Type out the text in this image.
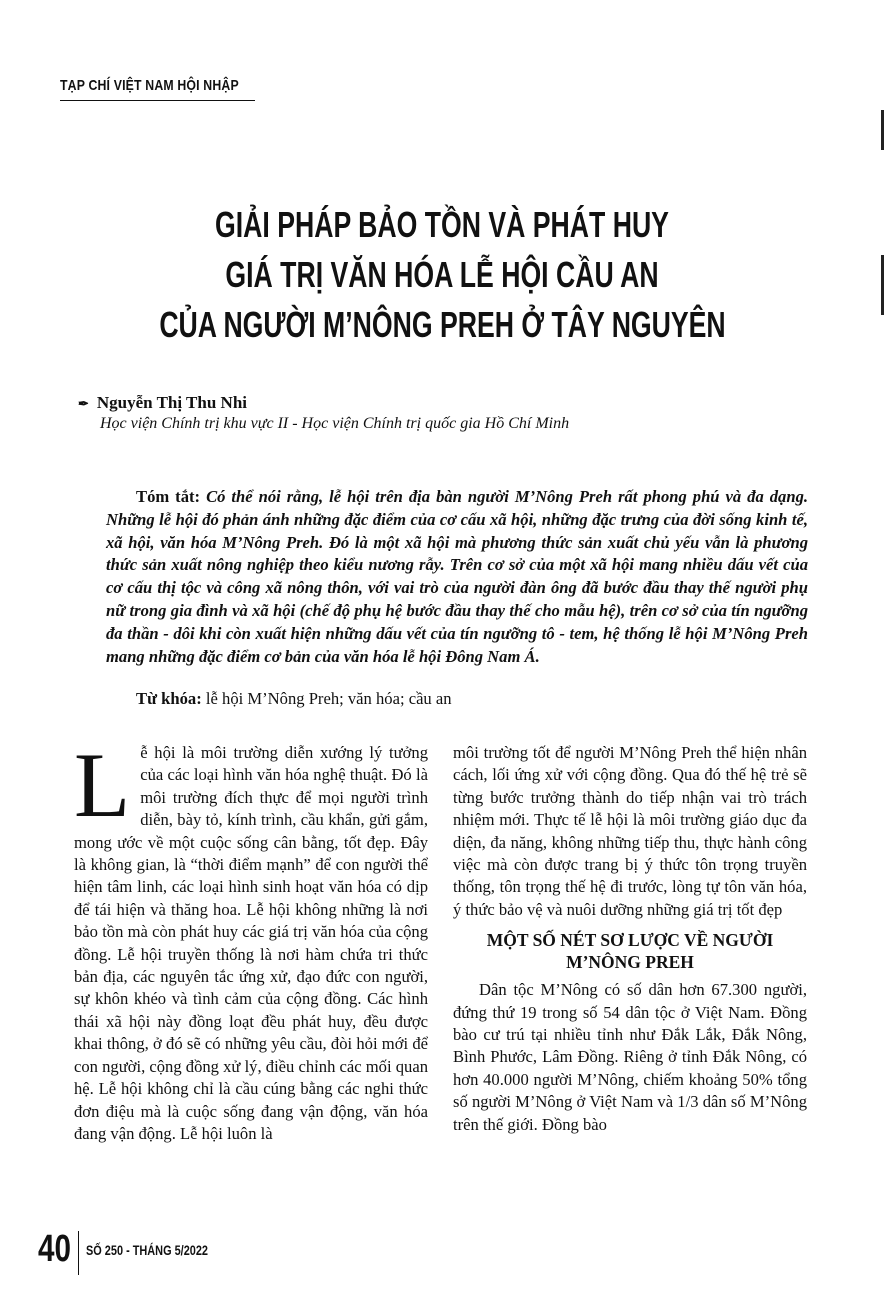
TẠP CHÍ VIỆT NAM HỘI NHẬP
GIẢI PHÁP BẢO TỒN VÀ PHÁT HUY
GIÁ TRỊ VĂN HÓA LỄ HỘI CẦU AN
CỦA NGƯỜI M’NÔNG PREH Ở TÂY NGUYÊN
✒ Nguyễn Thị Thu Nhi
Học viện Chính trị khu vực II - Học viện Chính trị quốc gia Hồ Chí Minh
Tóm tắt: Có thể nói rằng, lễ hội trên địa bàn người M’Nông Preh rất phong phú và đa dạng. Những lễ hội đó phản ánh những đặc điểm của cơ cấu xã hội, những đặc trưng của đời sống kinh tế, xã hội, văn hóa M’Nông Preh. Đó là một xã hội mà phương thức sản xuất chủ yếu vẫn là phương thức sản xuất nông nghiệp theo kiểu nương rẫy. Trên cơ sở của một xã hội mang nhiều dấu vết của cơ cấu thị tộc và công xã nông thôn, với vai trò của người đàn ông đã bước đầu thay thế người phụ nữ trong gia đình và xã hội (chế độ phụ hệ bước đầu thay thế cho mẫu hệ), trên cơ sở của tín ngưỡng đa thần - dôi khi còn xuất hiện những dấu vết của tín ngưỡng tô - tem, hệ thống lễ hội M’Nông Preh mang những đặc điểm cơ bản của văn hóa lễ hội Đông Nam Á.
Từ khóa: lễ hội M’Nông Preh; văn hóa; cầu an

Lễ hội là môi trường diễn xướng lý tưởng của các loại hình văn hóa nghệ thuật. Đó là môi trường đích thực để mọi người trình diễn, bày tỏ, kính trình, cầu khẩn, gửi gắm, mong ước về một cuộc sống cân bằng, tốt đẹp. Đây là không gian, là “thời điểm mạnh” để con người thể hiện tâm linh, các loại hình sinh hoạt văn hóa có dịp để tái hiện và thăng hoa. Lễ hội không những là nơi bảo tồn mà còn phát huy các giá trị văn hóa của cộng đồng. Lễ hội truyền thống là nơi hàm chứa tri thức bản địa, các nguyên tắc ứng xử, đạo đức con người, sự khôn khéo và tình cảm của cộng đồng. Các hình thái xã hội này đồng loạt đều phát huy, đều được khai thông, ở đó sẽ có những yêu cầu, đòi hỏi mới để con người, cộng đồng xử lý, điều chỉnh các mối quan hệ. Lễ hội không chỉ là cầu cúng bằng các nghi thức đơn điệu mà là cuộc sống đang vận động, văn hóa đang vận động. Lễ hội luôn là

môi trường tốt để người M’Nông Preh thể hiện nhân cách, lối ứng xử với cộng đồng. Qua đó thế hệ trẻ sẽ từng bước trưởng thành do tiếp nhận vai trò trách nhiệm mới. Thực tế lễ hội là môi trường giáo dục đa diện, đa năng, không những tiếp thu, thực hành công việc mà còn được trang bị ý thức tôn trọng truyền thống, tôn trọng thế hệ đi trước, lòng tự tôn văn hóa, ý thức bảo vệ và nuôi dưỡng những giá trị tốt đẹp

MỘT SỐ NÉT SƠ LƯỢC VỀ NGƯỜI M’NÔNG PREH

Dân tộc M’Nông có số dân hơn 67.300 người, đứng thứ 19 trong số 54 dân tộc ở Việt Nam. Đồng bào cư trú tại nhiều tỉnh như Đắk Lắk, Đắk Nông, Bình Phước, Lâm Đồng. Riêng ở tỉnh Đắk Nông, có hơn 40.000 người M’Nông, chiếm khoảng 50% tổng số người M’Nông ở Việt Nam và 1/3 dân số M’Nông trên thế giới. Đồng bào

40 SỐ 250 - THÁNG 5/2022
